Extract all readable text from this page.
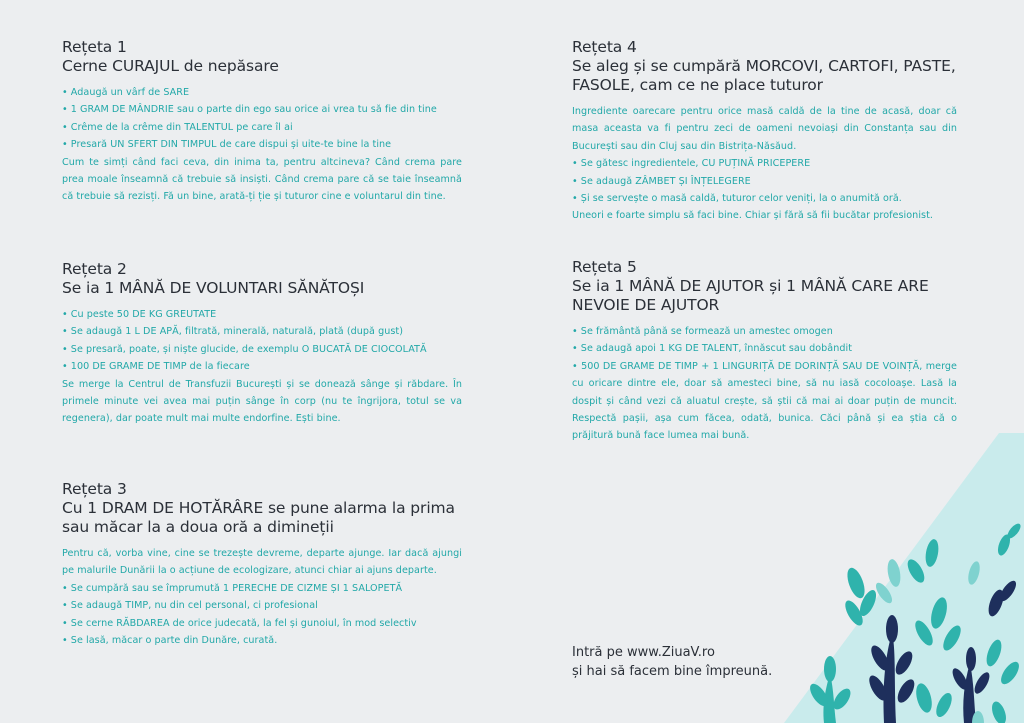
Rețeta 1
Cerne CURAJUL de nepăsare
• Adaugă un vârf de SARE
• 1 GRAM DE MÂNDRIE sau o parte din ego sau orice ai vrea tu să fie din tine
• Crême de la crême din TALENTUL pe care îl ai
• Presară UN SFERT DIN TIMPUL de care dispui și uite-te bine la tine
Cum te simți când faci ceva, din inima ta, pentru altcineva? Când crema pare prea moale înseamnă că trebuie să insiști. Când crema pare că se taie înseamnă că trebuie să rezisți. Fă un bine, arată-ți ție și tuturor cine e voluntarul din tine.
Rețeta 2
Se ia 1 MÂNĂ DE VOLUNTARI SĂNĂTOȘI
• Cu peste 50 DE KG GREUTATE
• Se adaugă 1 L DE APĂ, filtrată, minerală, naturală, plată (după gust)
• Se presară, poate, și niște glucide, de exemplu O BUCATĂ DE CIOCOLATĂ
• 100 DE GRAME DE TIMP de la fiecare
Se merge la Centrul de Transfuzii București și se donează sânge și răbdare. În primele minute vei avea mai puțin sânge în corp (nu te îngrijora, totul se va regenera), dar poate mult mai multe endorfine. Ești bine.
Rețeta 3
Cu 1 DRAM DE HOTĂRÂRE se pune alarma la prima sau măcar la a doua oră a dimineții
Pentru că, vorba vine, cine se trezește devreme, departe ajunge. Iar dacă ajungi pe malurile Dunării la o acțiune de ecologizare, atunci chiar ai ajuns departe.
• Se cumpără sau se împrumută 1 PERECHE DE CIZME ȘI 1 SALOPETĂ
• Se adaugă TIMP, nu din cel personal, ci profesional
• Se cerne RĂBDAREA de orice judecată, la fel și gunoiul, în mod selectiv
• Se lasă, măcar o parte din Dunăre, curată.
Rețeta 4
Se aleg și se cumpără MORCOVI, CARTOFI, PASTE, FASOLE, cam ce ne place tuturor
Ingrediente oarecare pentru orice masă caldă de la tine de acasă, doar că masa aceasta va fi pentru zeci de oameni nevoiași din Constanța sau din București sau din Cluj sau din Bistrița-Năsăud.
• Se gătesc ingredientele, CU PUȚINĂ PRICEPERE
• Se adaugă ZÂMBET ȘI ÎNȚELEGERE
• Și se servește o masă caldă, tuturor celor veniți, la o anumită oră.
Uneori e foarte simplu să faci bine. Chiar și fără să fii bucătar profesionist.
Rețeta 5
Se ia 1 MÂNĂ DE AJUTOR și 1 MÂNĂ CARE ARE NEVOIE DE AJUTOR
• Se frământă până se formează un amestec omogen
• Se adaugă apoi 1 KG DE TALENT, înnăscut sau dobândit
• 500 DE GRAME DE TIMP + 1 LINGURIȚĂ DE DORINȚĂ SAU DE VOINȚĂ, merge cu oricare dintre ele, doar să amesteci bine, să nu iasă cocoloașe. Lasă la dospit și când vezi că aluatul crește, să știi că mai ai doar puțin de muncit. Respectă pașii, așa cum făcea, odată, bunica. Căci până și ea știa că o prăjitură bună face lumea mai bună.
Intră pe www.ZiuaV.ro
și hai să facem bine împreună.
